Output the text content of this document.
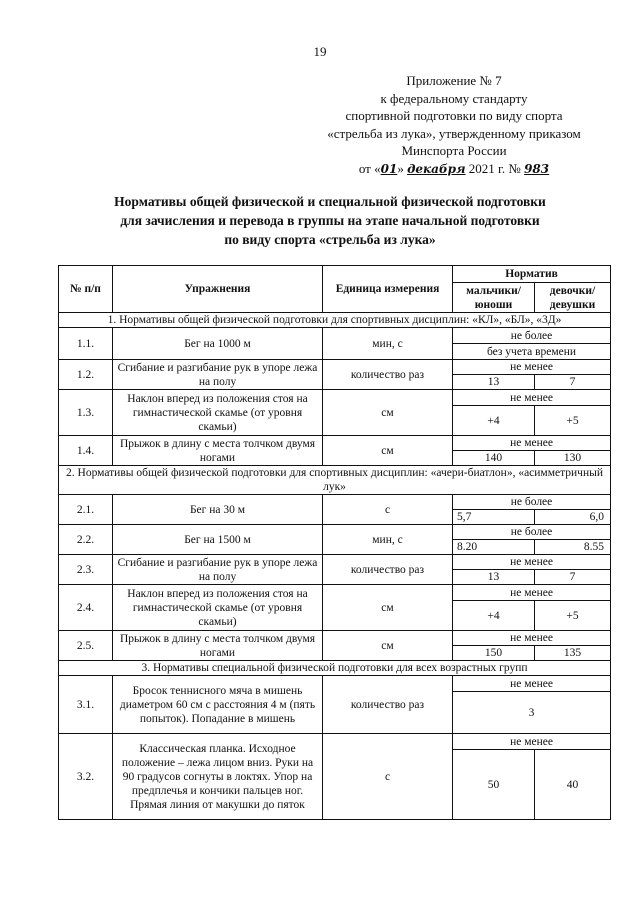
19
Приложение № 7
к федеральному стандарту
спортивной подготовки по виду спорта
«стрельба из лука», утвержденному приказом
Минспорта России
от «01» декабря 2021 г. № 983
Нормативы общей физической и специальной физической подготовки
для зачисления и перевода в группы на этапе начальной подготовки
по виду спорта «стрельба из лука»
№ п/п	Упражнения	Единица измерения	Норматив	
			мальчики/ юноши	девочки/ девушки
1. Нормативы общей физической подготовки для спортивных дисциплин: «КЛ», «БЛ», «3Д»				
1.1.	Бег на 1000 м	мин, с	не более	
			без учета времени	
1.2.	Сгибание и разгибание рук в упоре лежа на полу	количество раз	не менее	
			13	7
1.3.	Наклон вперед из положения стоя на гимнастической скамье (от уровня скамьи)	см	не менее	
			+4	+5
1.4.	Прыжок в длину с места толчком двумя ногами	см	не менее	
			140	130
2. Нормативы общей физической подготовки для спортивных дисциплин: «ачери-биатлон», «асимметричный лук»				
2.1.	Бег на 30 м	с	не более	
			5,7	6,0
2.2.	Бег на 1500 м	мин, с	не более	
			8.20	8.55
2.3.	Сгибание и разгибание рук в упоре лежа на полу	количество раз	не менее	
			13	7
2.4.	Наклон вперед из положения стоя на гимнастической скамье (от уровня скамьи)	см	не менее	
			+4	+5
2.5.	Прыжок в длину с места толчком двумя ногами	см	не менее	
			150	135
3. Нормативы специальной физической подготовки для всех возрастных групп				
3.1.	Бросок теннисного мяча в мишень диаметром 60 см с расстояния 4 м (пять попыток). Попадание в мишень	количество раз	не менее	
			3	
3.2.	Классическая планка. Исходное положение – лежа лицом вниз. Руки на 90 градусов согнуты в локтях. Упор на предплечья и кончики пальцев ног. Прямая линия от макушки до пяток	с	не менее	
			50	40
